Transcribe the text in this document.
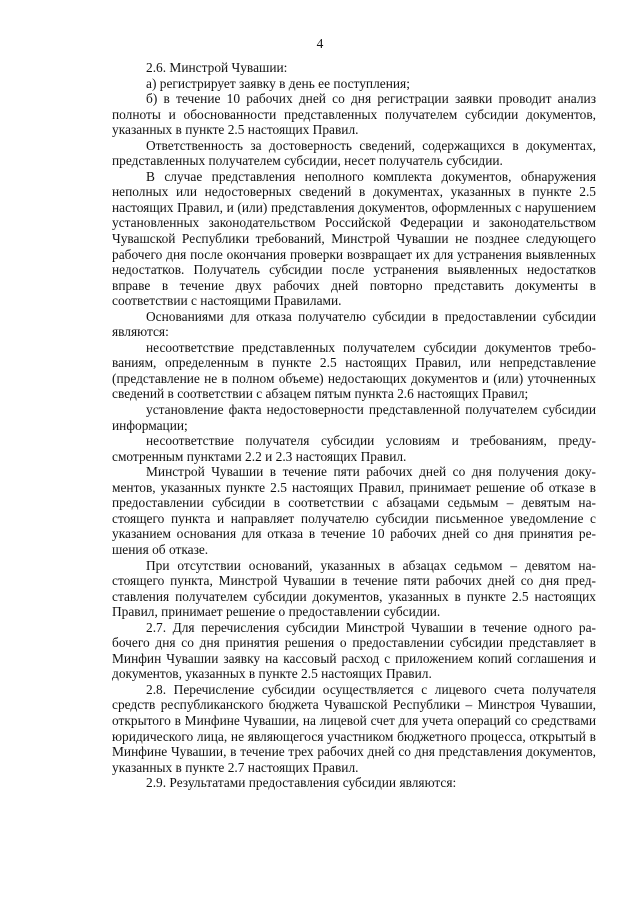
4

2.6. Минстрой Чувашии:

а) регистрирует заявку в день ее поступления;

б) в течение 10 рабочих дней со дня регистрации заявки проводит анализ полноты и обоснованности представленных получателем субсидии документов, указанных в пункте 2.5 настоящих Правил.

Ответственность за достоверность сведений, содержащихся в документах, представленных получателем субсидии, несет получатель субсидии.

В случае представления неполного комплекта документов, обнаружения неполных или недостоверных сведений в документах, указанных в пункте 2.5 настоящих Правил, и (или) представления документов, оформленных с нарушением установленных законодательством Российской Федерации и законодательством Чувашской Республики требований, Минстрой Чувашии не позднее следующего рабочего дня после окончания проверки возвращает их для устранения выявленных недостатков. Получатель субсидии после устранения выявленных недостатков вправе в течение двух рабочих дней повторно представить документы в соответствии с настоящими Правилами.

Основаниями для отказа получателю субсидии в предоставлении субсидии являются:

несоответствие представленных получателем субсидии документов требованиям, определенным в пункте 2.5 настоящих Правил, или непредставление (представление не в полном объеме) недостающих документов и (или) уточненных сведений в соответствии с абзацем пятым пункта 2.6 настоящих Правил;

установление факта недостоверности представленной получателем субсидии информации;

несоответствие получателя субсидии условиям и требованиям, предусмотренным пунктами 2.2 и 2.3 настоящих Правил.

Минстрой Чувашии в течение пяти рабочих дней со дня получения документов, указанных пункте 2.5 настоящих Правил, принимает решение об отказе в предоставлении субсидии в соответствии с абзацами седьмым – девятым настоящего пункта и направляет получателю субсидии письменное уведомление с указанием основания для отказа в течение 10 рабочих дней со дня принятия решения об отказе.

При отсутствии оснований, указанных в абзацах седьмом – девятом настоящего пункта, Минстрой Чувашии в течение пяти рабочих дней со дня представления получателем субсидии документов, указанных в пункте 2.5 настоящих Правил, принимает решение о предоставлении субсидии.

2.7. Для перечисления субсидии Минстрой Чувашии в течение одного рабочего дня со дня принятия решения о предоставлении субсидии представляет в Минфин Чувашии заявку на кассовый расход с приложением копий соглашения и документов, указанных в пункте 2.5 настоящих Правил.

2.8. Перечисление субсидии осуществляется с лицевого счета получателя средств республиканского бюджета Чувашской Республики – Минстроя Чувашии, открытого в Минфине Чувашии, на лицевой счет для учета операций со средствами юридического лица, не являющегося участником бюджетного процесса, открытый в Минфине Чувашии, в течение трех рабочих дней со дня представления документов, указанных в пункте 2.7 настоящих Правил.

2.9. Результатами предоставления субсидии являются:
